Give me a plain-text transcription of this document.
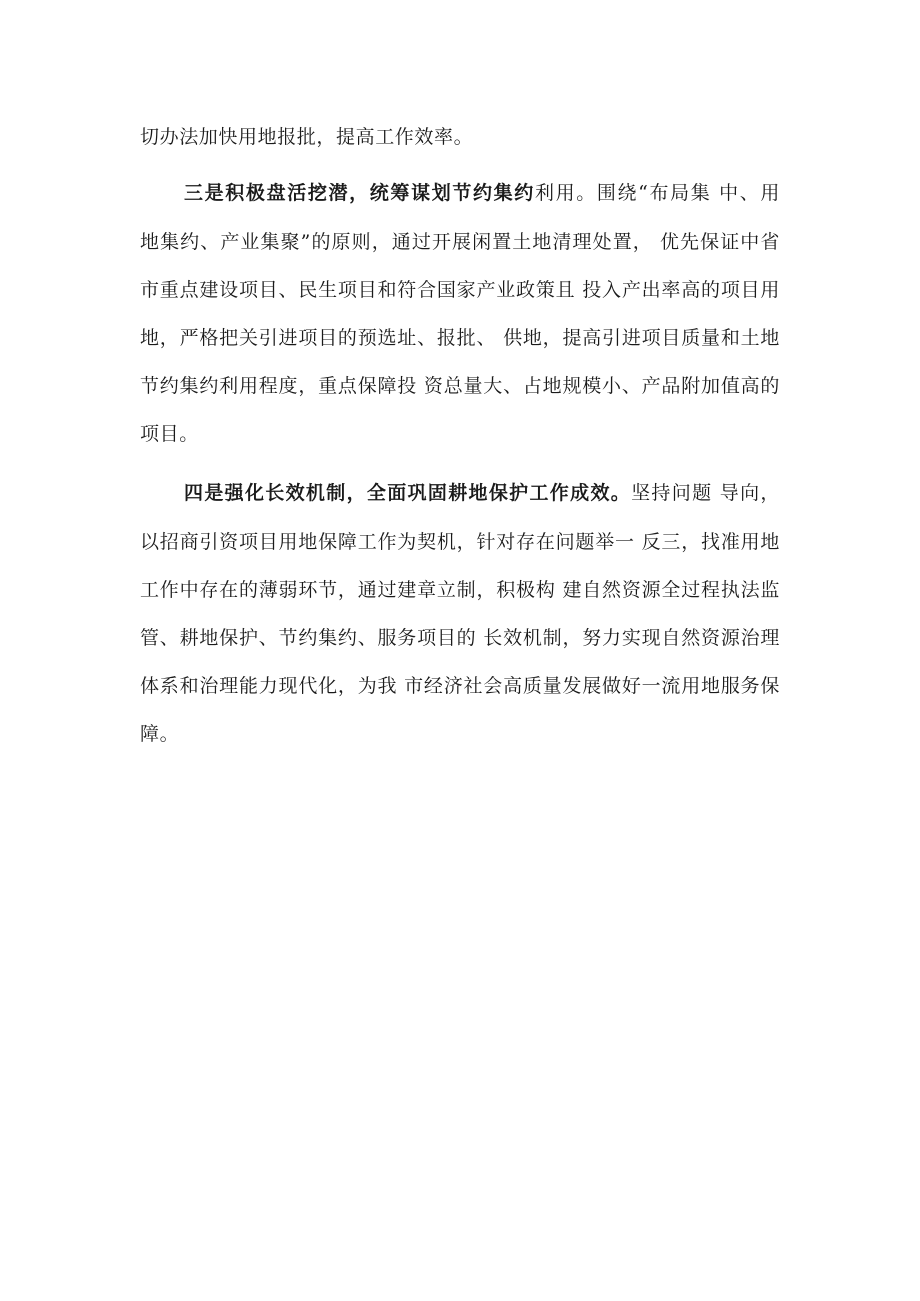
切办法加快用地报批，提高工作效率。
三是积极盘活挖潜，统筹谋划节约集约利用。围绕“布局集 中、用
地集约、产业集聚”的原则，通过开展闲置土地清理处置， 优先保证中省
市重点建设项目、民生项目和符合国家产业政策且 投入产出率高的项目用
地，严格把关引进项目的预选址、报批、 供地，提高引进项目质量和土地
节约集约利用程度，重点保障投 资总量大、占地规模小、产品附加值高的
项目。
四是强化长效机制，全面巩固耕地保护工作成效。坚持问题 导向，
以招商引资项目用地保障工作为契机，针对存在问题举一 反三，找准用地
工作中存在的薄弱环节，通过建章立制，积极构 建自然资源全过程执法监
管、耕地保护、节约集约、服务项目的 长效机制，努力实现自然资源治理
体系和治理能力现代化，为我 市经济社会高质量发展做好一流用地服务保
障。
